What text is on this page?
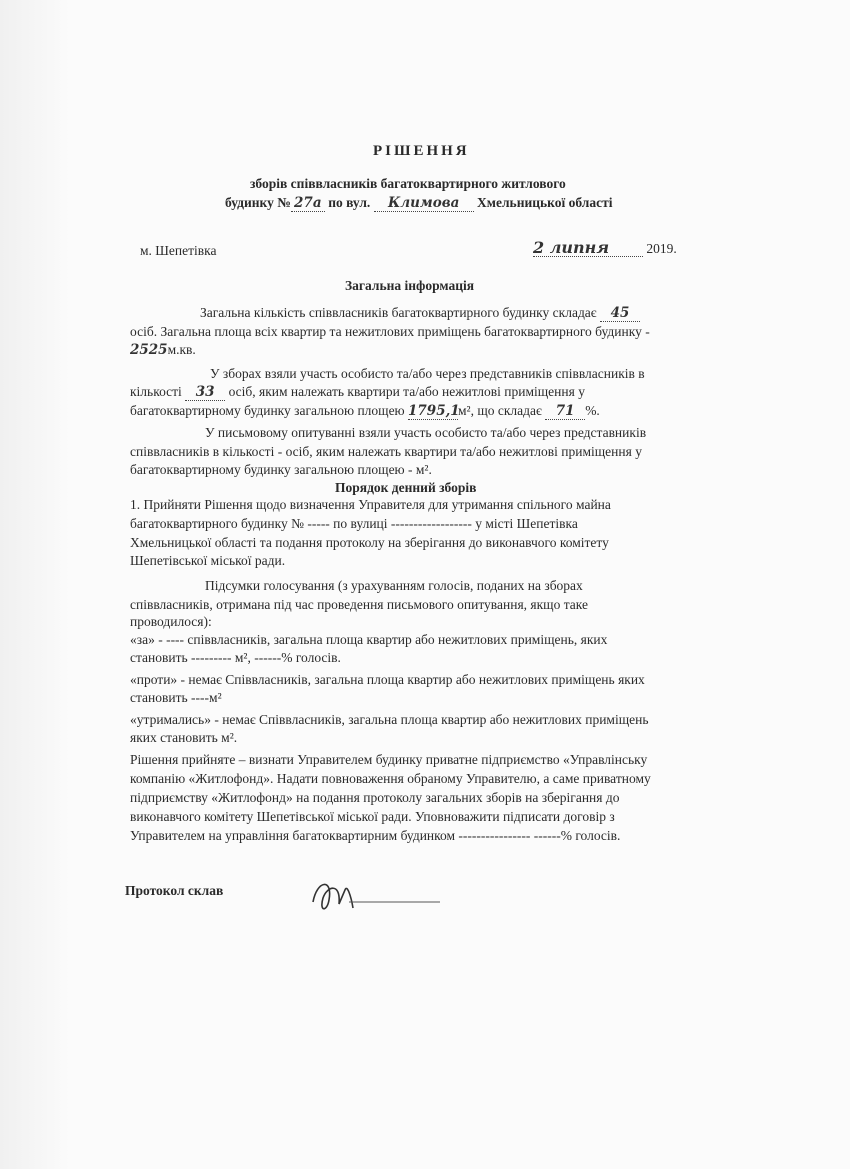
РІШЕННЯ
зборів співвласників багатоквартирного житлового
будинку № 27а по вул. Климова Хмельницької області
м. Шепетівка	2 липня	2019.
Загальна інформація
Загальна кількість співвласників багатоквартирного будинку складає 45
осіб. Загальна площа всіх квартир та нежитлових приміщень багатоквартирного будинку -
2525м.кв.
У зборах взяли участь особисто та/або через представників співвласників в
кількості 33 осіб, яким належать квартири та/або нежитлові приміщення у
багатоквартирному будинку загальною площею 1795,1м², що складає 71 %.
У письмовому опитуванні взяли участь особисто та/або через представників
співвласників в кількості - осіб, яким належать квартири та/або нежитлові приміщення у
багатоквартирному будинку загальною площею - м².
Порядок денний зборів
1. Прийняти Рішення щодо визначення Управителя для утримання спільного майна
багатоквартирного будинку № ----- по вулиці ------------------ у місті Шепетівка
Хмельницької області та подання протоколу на зберігання до виконавчого комітету
Шепетівської міської ради.
Підсумки голосування (з урахуванням голосів, поданих на зборах
співвласників, отримана під час проведення письмового опитування, якщо таке
проводилося):
«за» - ---- співвласників, загальна площа квартир або нежитлових приміщень, яких
становить --------- м², ------% голосів.
«проти» - немає Співвласників, загальна площа квартир або нежитлових приміщень яких
становить ----м²
«утримались» - немає Співвласників, загальна площа квартир або нежитлових приміщень
яких становить м².
Рішення прийняте – визнати Управителем будинку приватне підприємство «Управлінську
компанію «Житлофонд». Надати повноваження обраному Управителю, а саме приватному
підприємству «Житлофонд» на подання протоколу загальних зборів на зберігання до
виконавчого комітету Шепетівської міської ради. Уповноважити підписати договір з
Управителем на управління багатоквартирним будинком ---------------- ------% голосів.
Протокол склав
